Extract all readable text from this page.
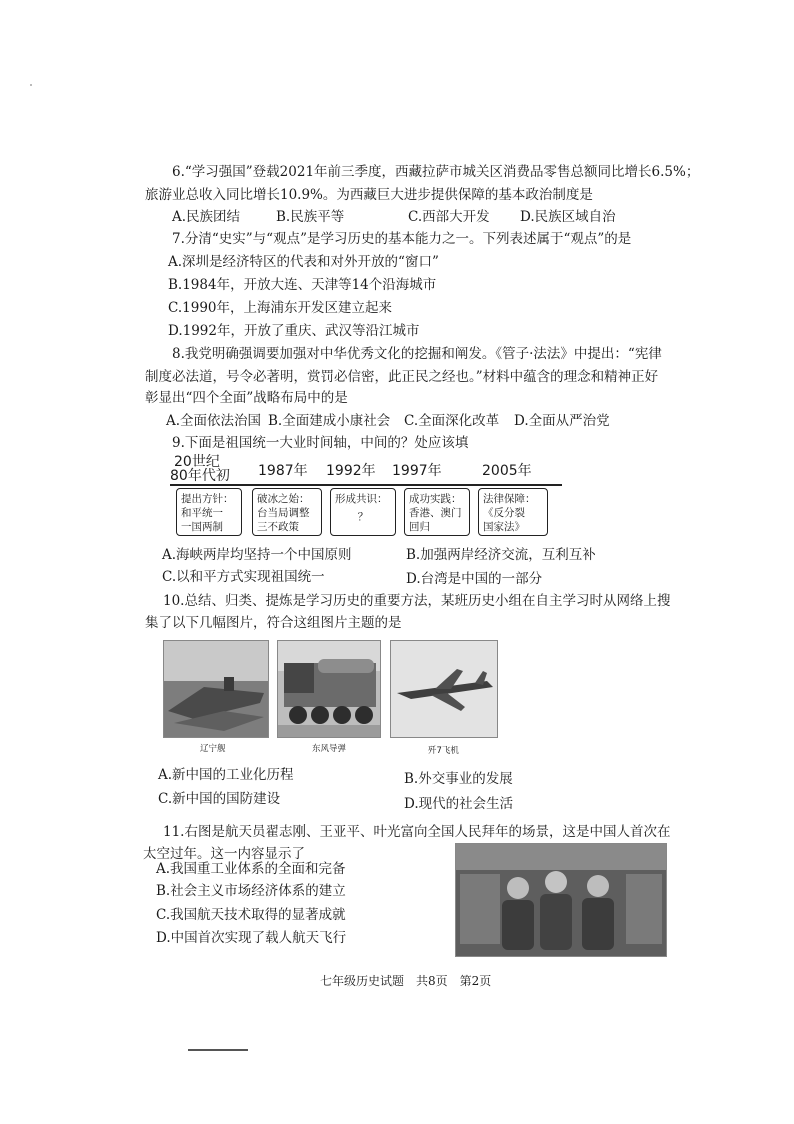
6.“学习强国”登载2021年前三季度，西藏拉萨市城关区消费品零售总额同比增长6.5%；
旅游业总收入同比增长10.9%。为西藏巨大进步提供保障的基本政治制度是
A.民族团结	B.民族平等	C.西部大开发 D.民族区域自治
7.分清“史实”与“观点”是学习历史的基本能力之一。下列表述属于“观点”的是
A.深圳是经济特区的代表和对外开放的“窗口”
B.1984年，开放大连、天津等14个沿海城市
C.1990年，上海浦东开发区建立起来
D.1992年，开放了重庆、武汉等沿江城市
8.我党明确强调要加强对中华优秀文化的挖掘和阐发。《管子·法法》中提出：“宪律
制度必法道，号令必著明，赏罚必信密，此正民之经也。”材料中蕴含的理念和精神正好
彰显出“四个全面”战略布局中的是
A.全面依法治国 B.全面建成小康社会 C.全面深化改革 D.全面从严治党
9.下面是祖国统一大业时间轴，中间的？处应该填
20世纪
80年代初 1987年 1992年 1997年	2005年
提出方针：
和平统一
一国两制
破冰之始：
台当局调整
三不政策
形成共识：
？
成功实践：
香港、澳门
回归
法律保障：
《反分裂
国家法》
A.海峡两岸均坚持一个中国原则	B.加强两岸经济交流，互利互补
C.以和平方式实现祖国统一	D.台湾是中国的一部分
10.总结、归类、提炼是学习历史的重要方法，某班历史小组在自主学习时从网络上搜
集了以下几幅图片，符合这组图片主题的是
辽宁舰	东风导弹	歼7飞机
A.新中国的工业化历程	B.外交事业的发展
C.新中国的国防建设	D.现代的社会生活
11.右图是航天员翟志刚、王亚平、叶光富向全国人民拜年的场景，这是中国人首次在
太空过年。这一内容显示了
A.我国重工业体系的全面和完备
B.社会主义市场经济体系的建立
C.我国航天技术取得的显著成就
D.中国首次实现了载人航天飞行
七年级历史试题　共8页　第2页
